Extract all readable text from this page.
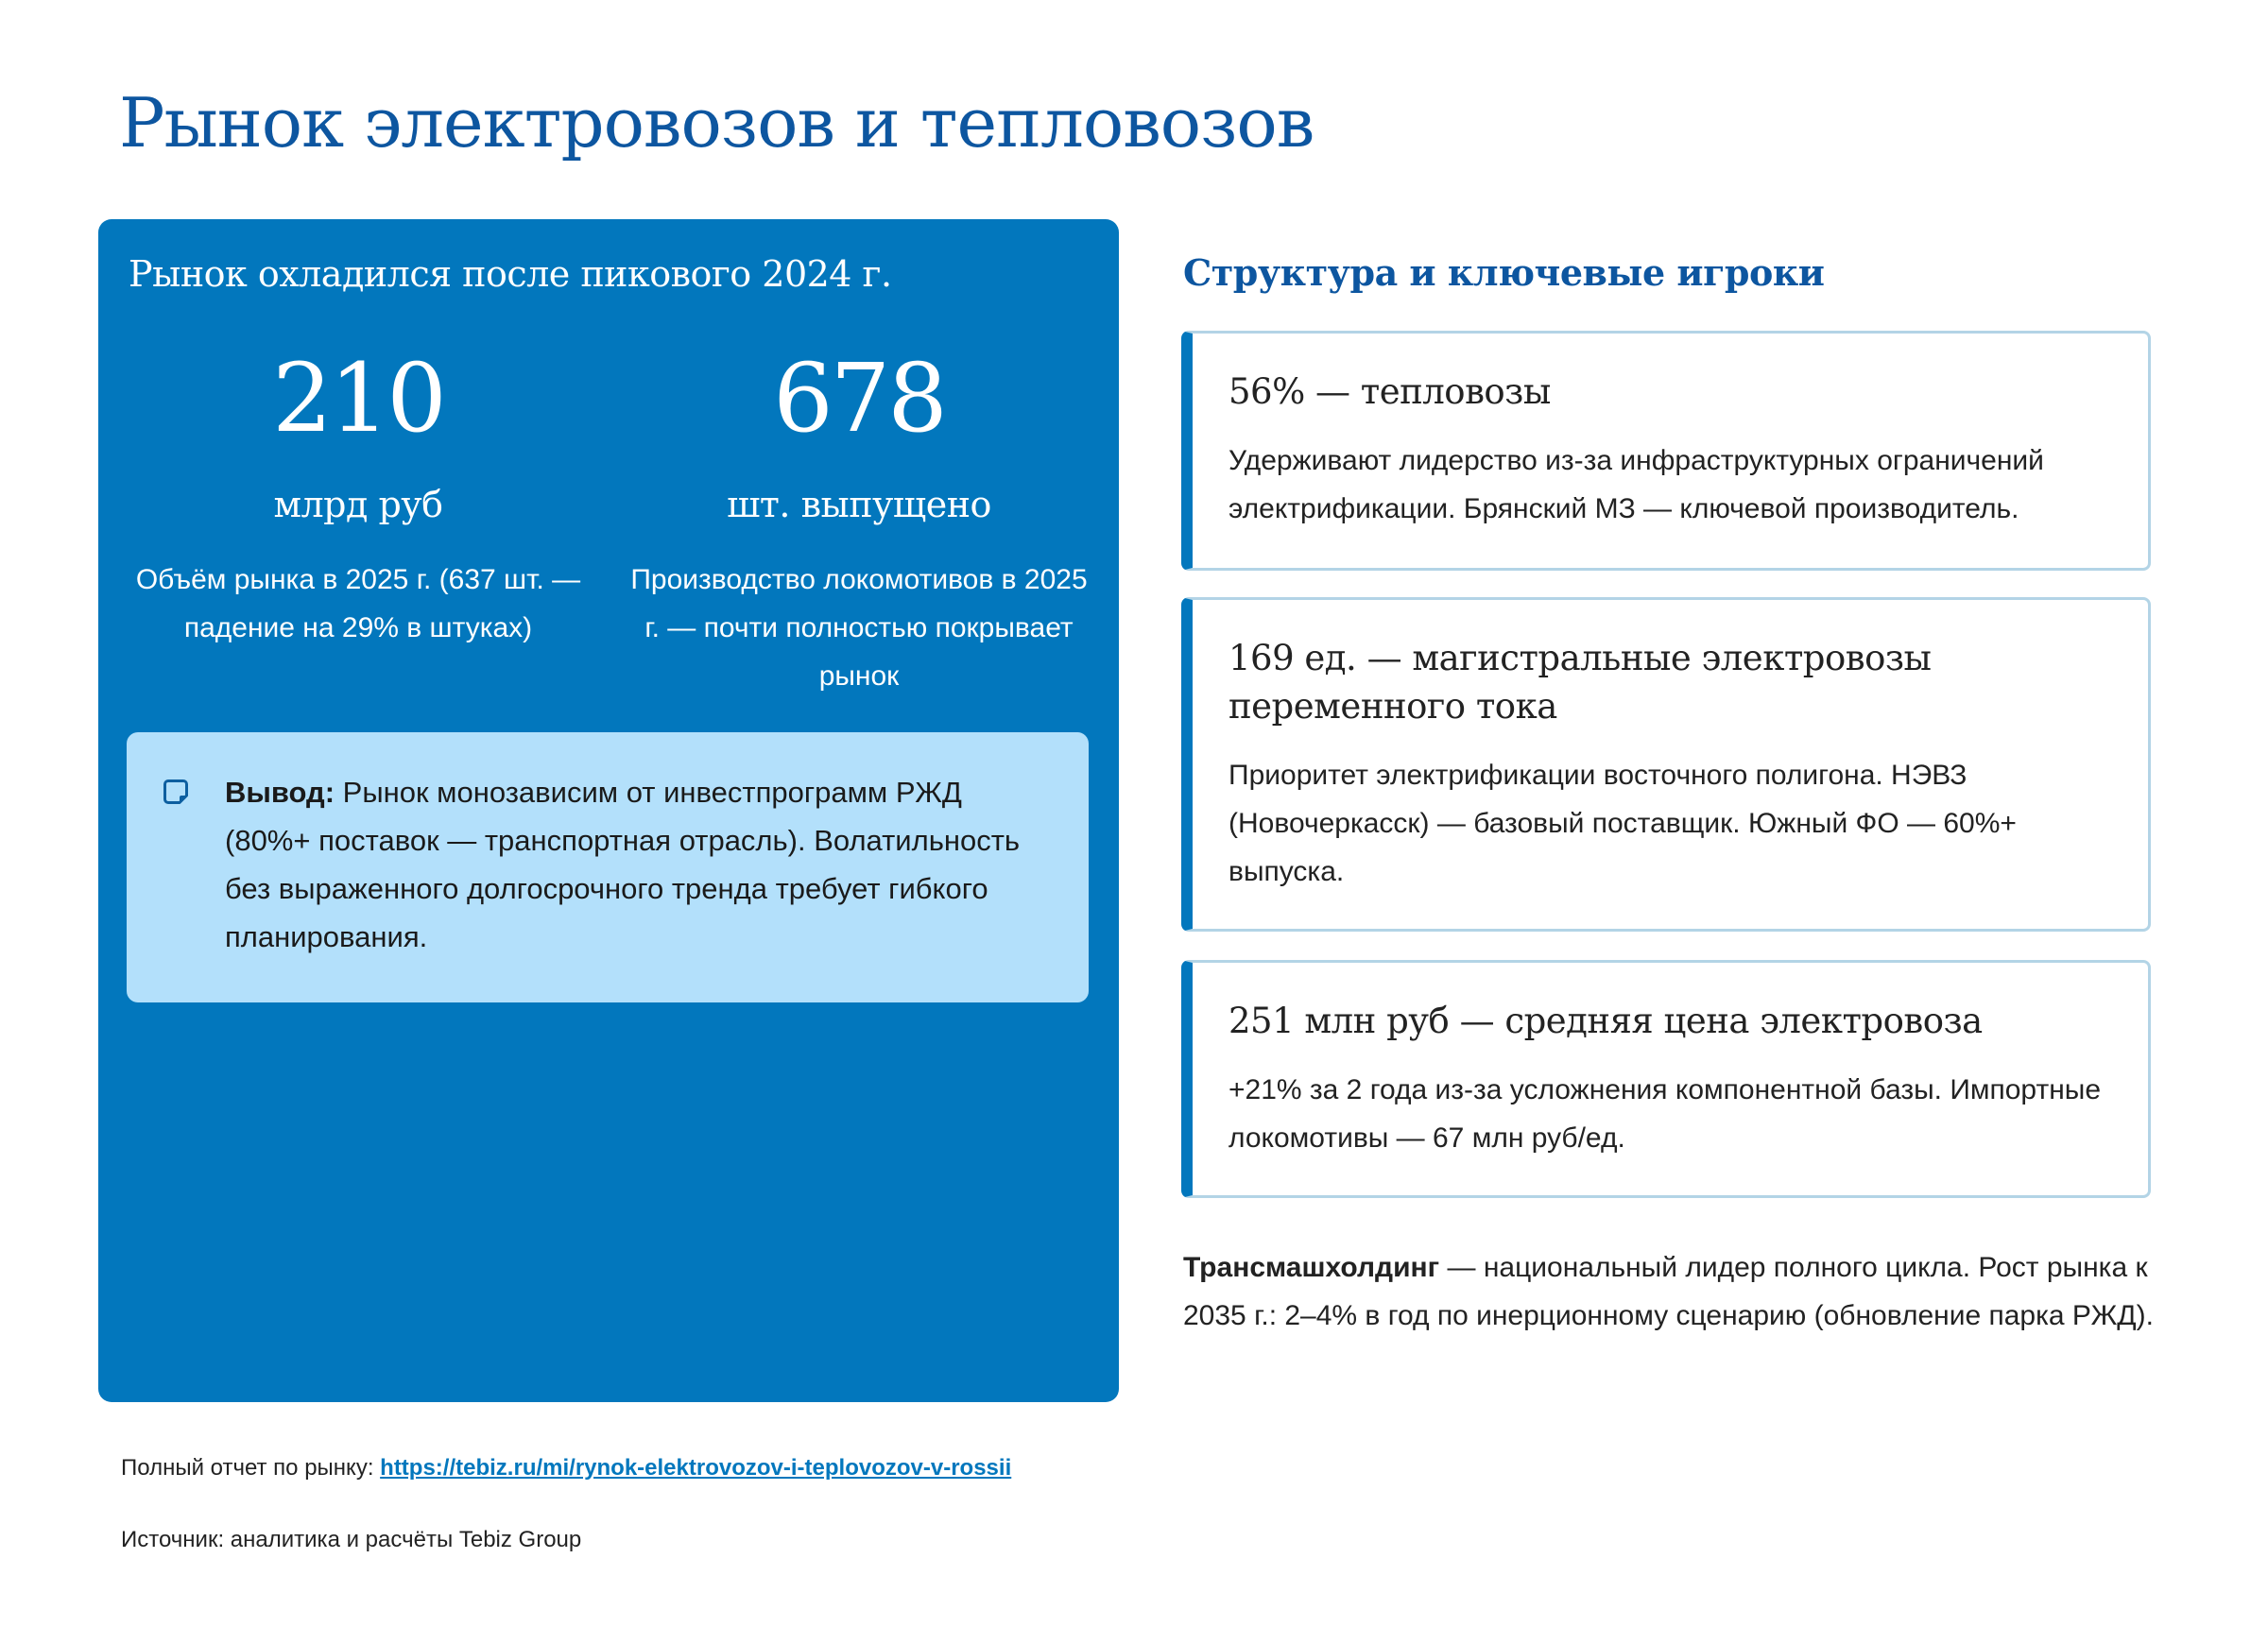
Рынок электровозов и тепловозов
Рынок охладился после пикового 2024 г.
210
млрд руб
Объём рынка в 2025 г. (637 шт. — падение на 29% в штуках)
678
шт. выпущено
Производство локомотивов в 2025 г. — почти полностью покрывает рынок

Вывод: Рынок монозависим от инвестпрограмм РЖД (80%+ поставок — транспортная отрасль). Волатильность без выраженного долгосрочного тренда требует гибкого планирования.

Структура и ключевые игроки
56% — тепловозы
Удерживают лидерство из-за инфраструктурных ограничений электрификации. Брянский МЗ — ключевой производитель.
169 ед. — магистральные электровозы переменного тока
Приоритет электрификации восточного полигона. НЭВЗ (Новочеркасск) — базовый поставщик. Южный ФО — 60%+ выпуска.
251 млн руб — средняя цена электровоза
+21% за 2 года из-за усложнения компонентной базы. Импортные локомотивы — 67 млн руб/ед.

Трансмашхолдинг — национальный лидер полного цикла. Рост рынка к 2035 г.: 2–4% в год по инерционному сценарию (обновление парка РЖД).

Полный отчет по рынку: https://tebiz.ru/mi/rynok-elektrovozov-i-teplovozov-v-rossii
Источник: аналитика и расчёты Tebiz Group
